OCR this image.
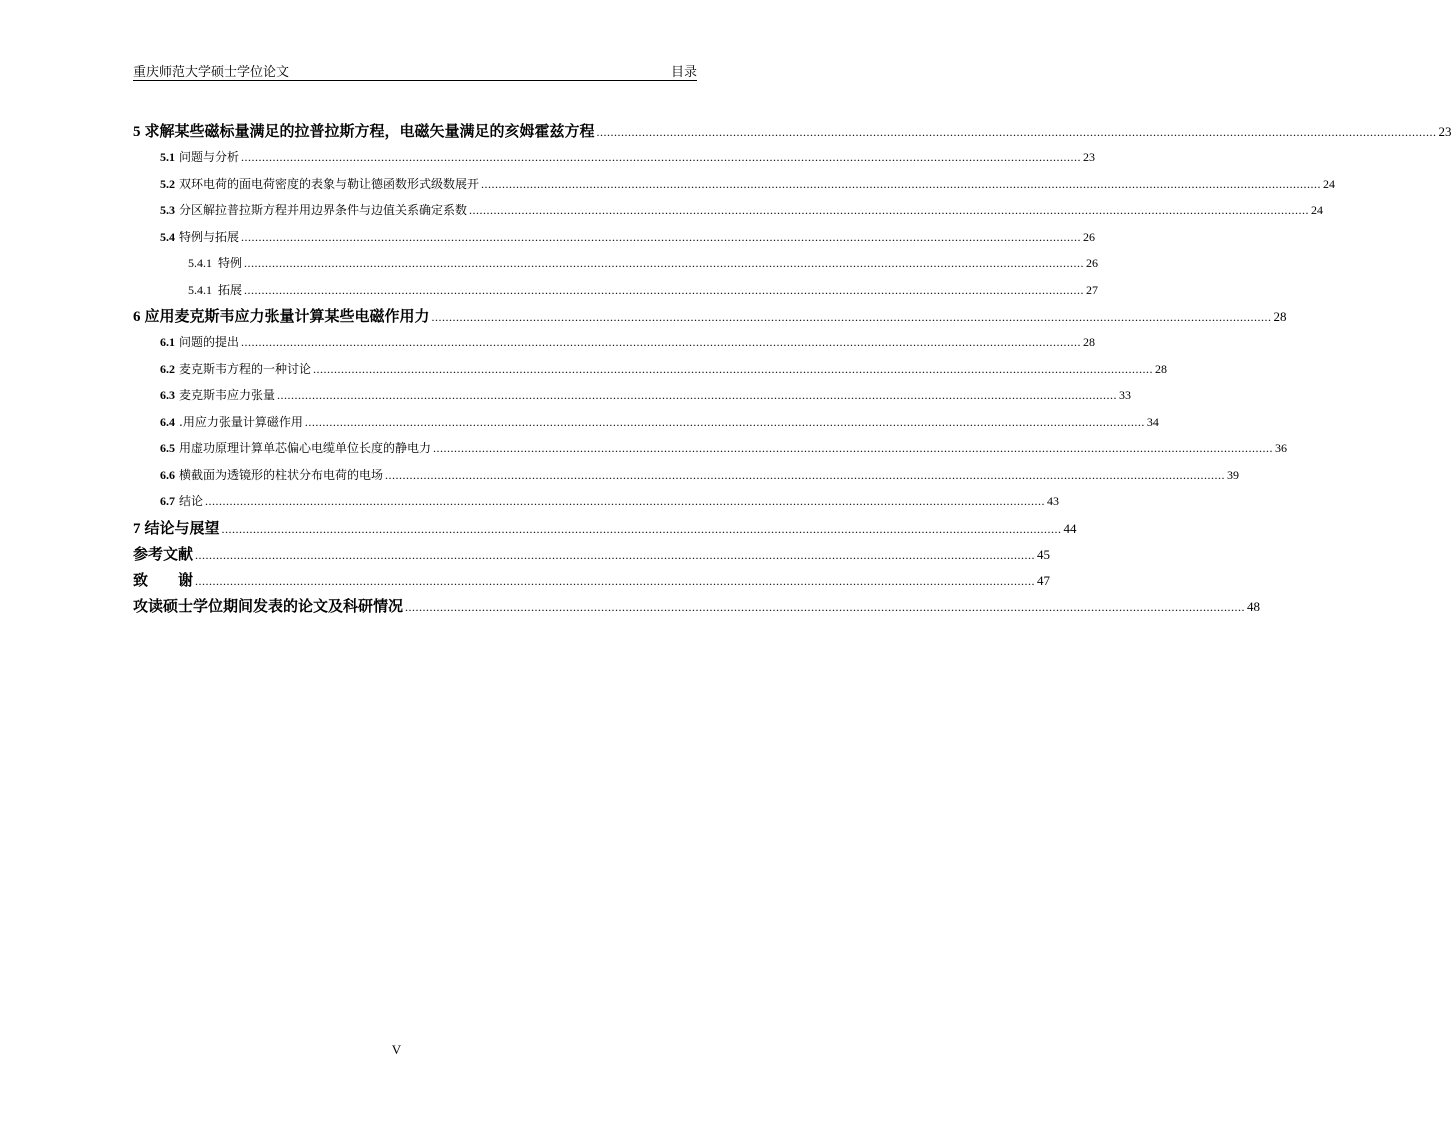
重庆师范大学硕士学位论文	目录
5 求解某些磁标量满足的拉普拉斯方程，电磁矢量满足的亥姆霍兹方程 .....	23
5.1 问题与分析 .....	23
5.2 双环电荷的面电荷密度的表象与勒让德函数形式级数展开 .....	24
5.3 分区解拉普拉斯方程并用边界条件与边值关系确定系数 .....	24
5.4 特例与拓展 .....	26
5.4.1 特例 .....	26
5.4.1 拓展 .....	27
6 应用麦克斯韦应力张量计算某些电磁作用力 .....	28
6.1 问题的提出 .....	28
6.2 麦克斯韦方程的一种讨论 .....	28
6.3 麦克斯韦应力张量 .....	33
6.4 .用应力张量计算磁作用 .....	34
6.5 用虚功原理计算单芯偏心电缆单位长度的静电力 .....	36
6.6 横截面为透镜形的柱状分布电荷的电场 .....	39
6.7 结论 .....	43
7 结论与展望 .....	44
参考文献 .....	45
致　　谢 .....	47
攻读硕士学位期间发表的论文及科研情况 .....	48
V
